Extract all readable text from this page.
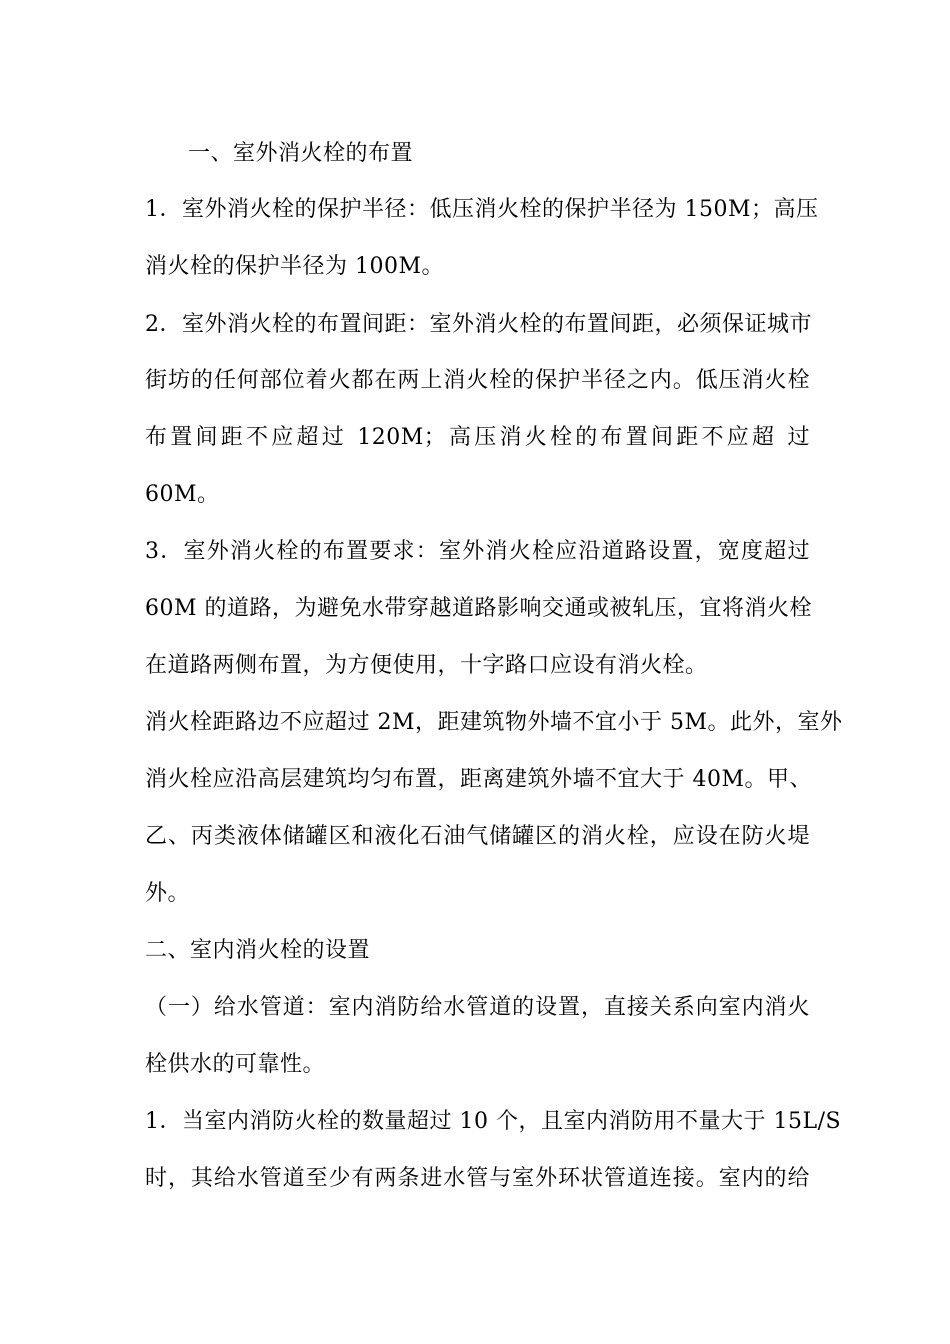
一、室外消火栓的布置
1．室外消火栓的保护半径：低压消火栓的保护半径为 150M；高压
消火栓的保护半径为 100M。
2．室外消火栓的布置间距：室外消火栓的布置间距，必须保证城市
街坊的任何部位着火都在两上消火栓的保护半径之内。低压消火栓
布置间距不应超过 120M；高压消火栓的布置间距不应超 过
60M。
3．室外消火栓的布置要求：室外消火栓应沿道路设置，宽度超过
60M 的道路，为避免水带穿越道路影响交通或被轧压，宜将消火栓
在道路两侧布置，为方便使用，十字路口应设有消火栓。
消火栓距路边不应超过 2M，距建筑物外墙不宜小于 5M。此外，室外
消火栓应沿高层建筑均匀布置，距离建筑外墙不宜大于 40M。甲、
乙、丙类液体储罐区和液化石油气储罐区的消火栓，应设在防火堤
外。
二、室内消火栓的设置
（一）给水管道：室内消防给水管道的设置，直接关系向室内消火
栓供水的可靠性。
1．当室内消防火栓的数量超过 10 个，且室内消防用不量大于 15L/S
时，其给水管道至少有两条进水管与室外环状管道连接。室内的给
